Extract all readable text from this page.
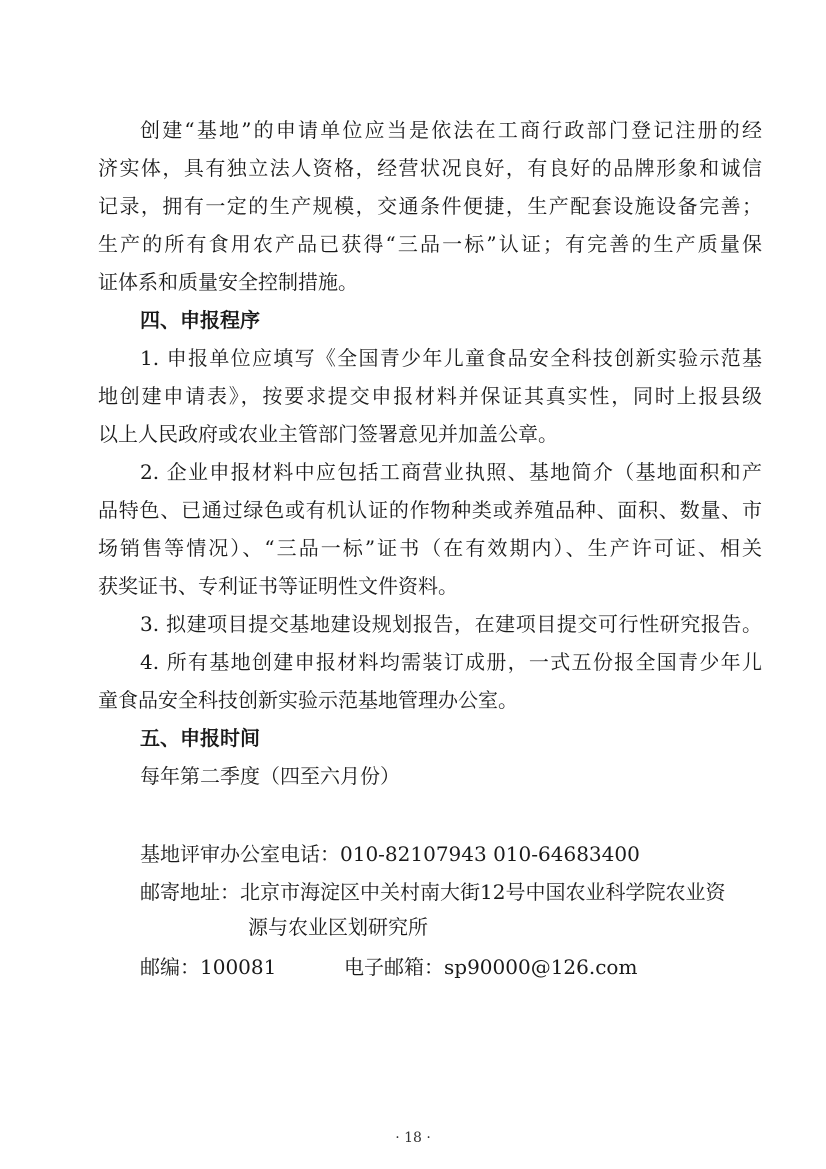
创建“基地”的申请单位应当是依法在工商行政部门登记注册的经
济实体，具有独立法人资格，经营状况良好，有良好的品牌形象和诚信
记录，拥有一定的生产规模，交通条件便捷，生产配套设施设备完善；
生产的所有食用农产品已获得“三品一标”认证；有完善的生产质量保
证体系和质量安全控制措施。
四、申报程序
1. 申报单位应填写《全国青少年儿童食品安全科技创新实验示范基
地创建申请表》，按要求提交申报材料并保证其真实性，同时上报县级
以上人民政府或农业主管部门签署意见并加盖公章。
2. 企业申报材料中应包括工商营业执照、基地简介（基地面积和产
品特色、已通过绿色或有机认证的作物种类或养殖品种、面积、数量、市
场销售等情况）、“三品一标”证书（在有效期内）、生产许可证、相关
获奖证书、专利证书等证明性文件资料。
3. 拟建项目提交基地建设规划报告，在建项目提交可行性研究报告。
4. 所有基地创建申报材料均需装订成册，一式五份报全国青少年儿
童食品安全科技创新实验示范基地管理办公室。
五、申报时间
每年第二季度（四至六月份）
基地评审办公室电话：010-82107943 010-64683400
邮寄地址：北京市海淀区中关村南大街12号中国农业科学院农业资
源与农业区划研究所
邮编：100081	电子邮箱：sp90000@126.com
· 18 ·
